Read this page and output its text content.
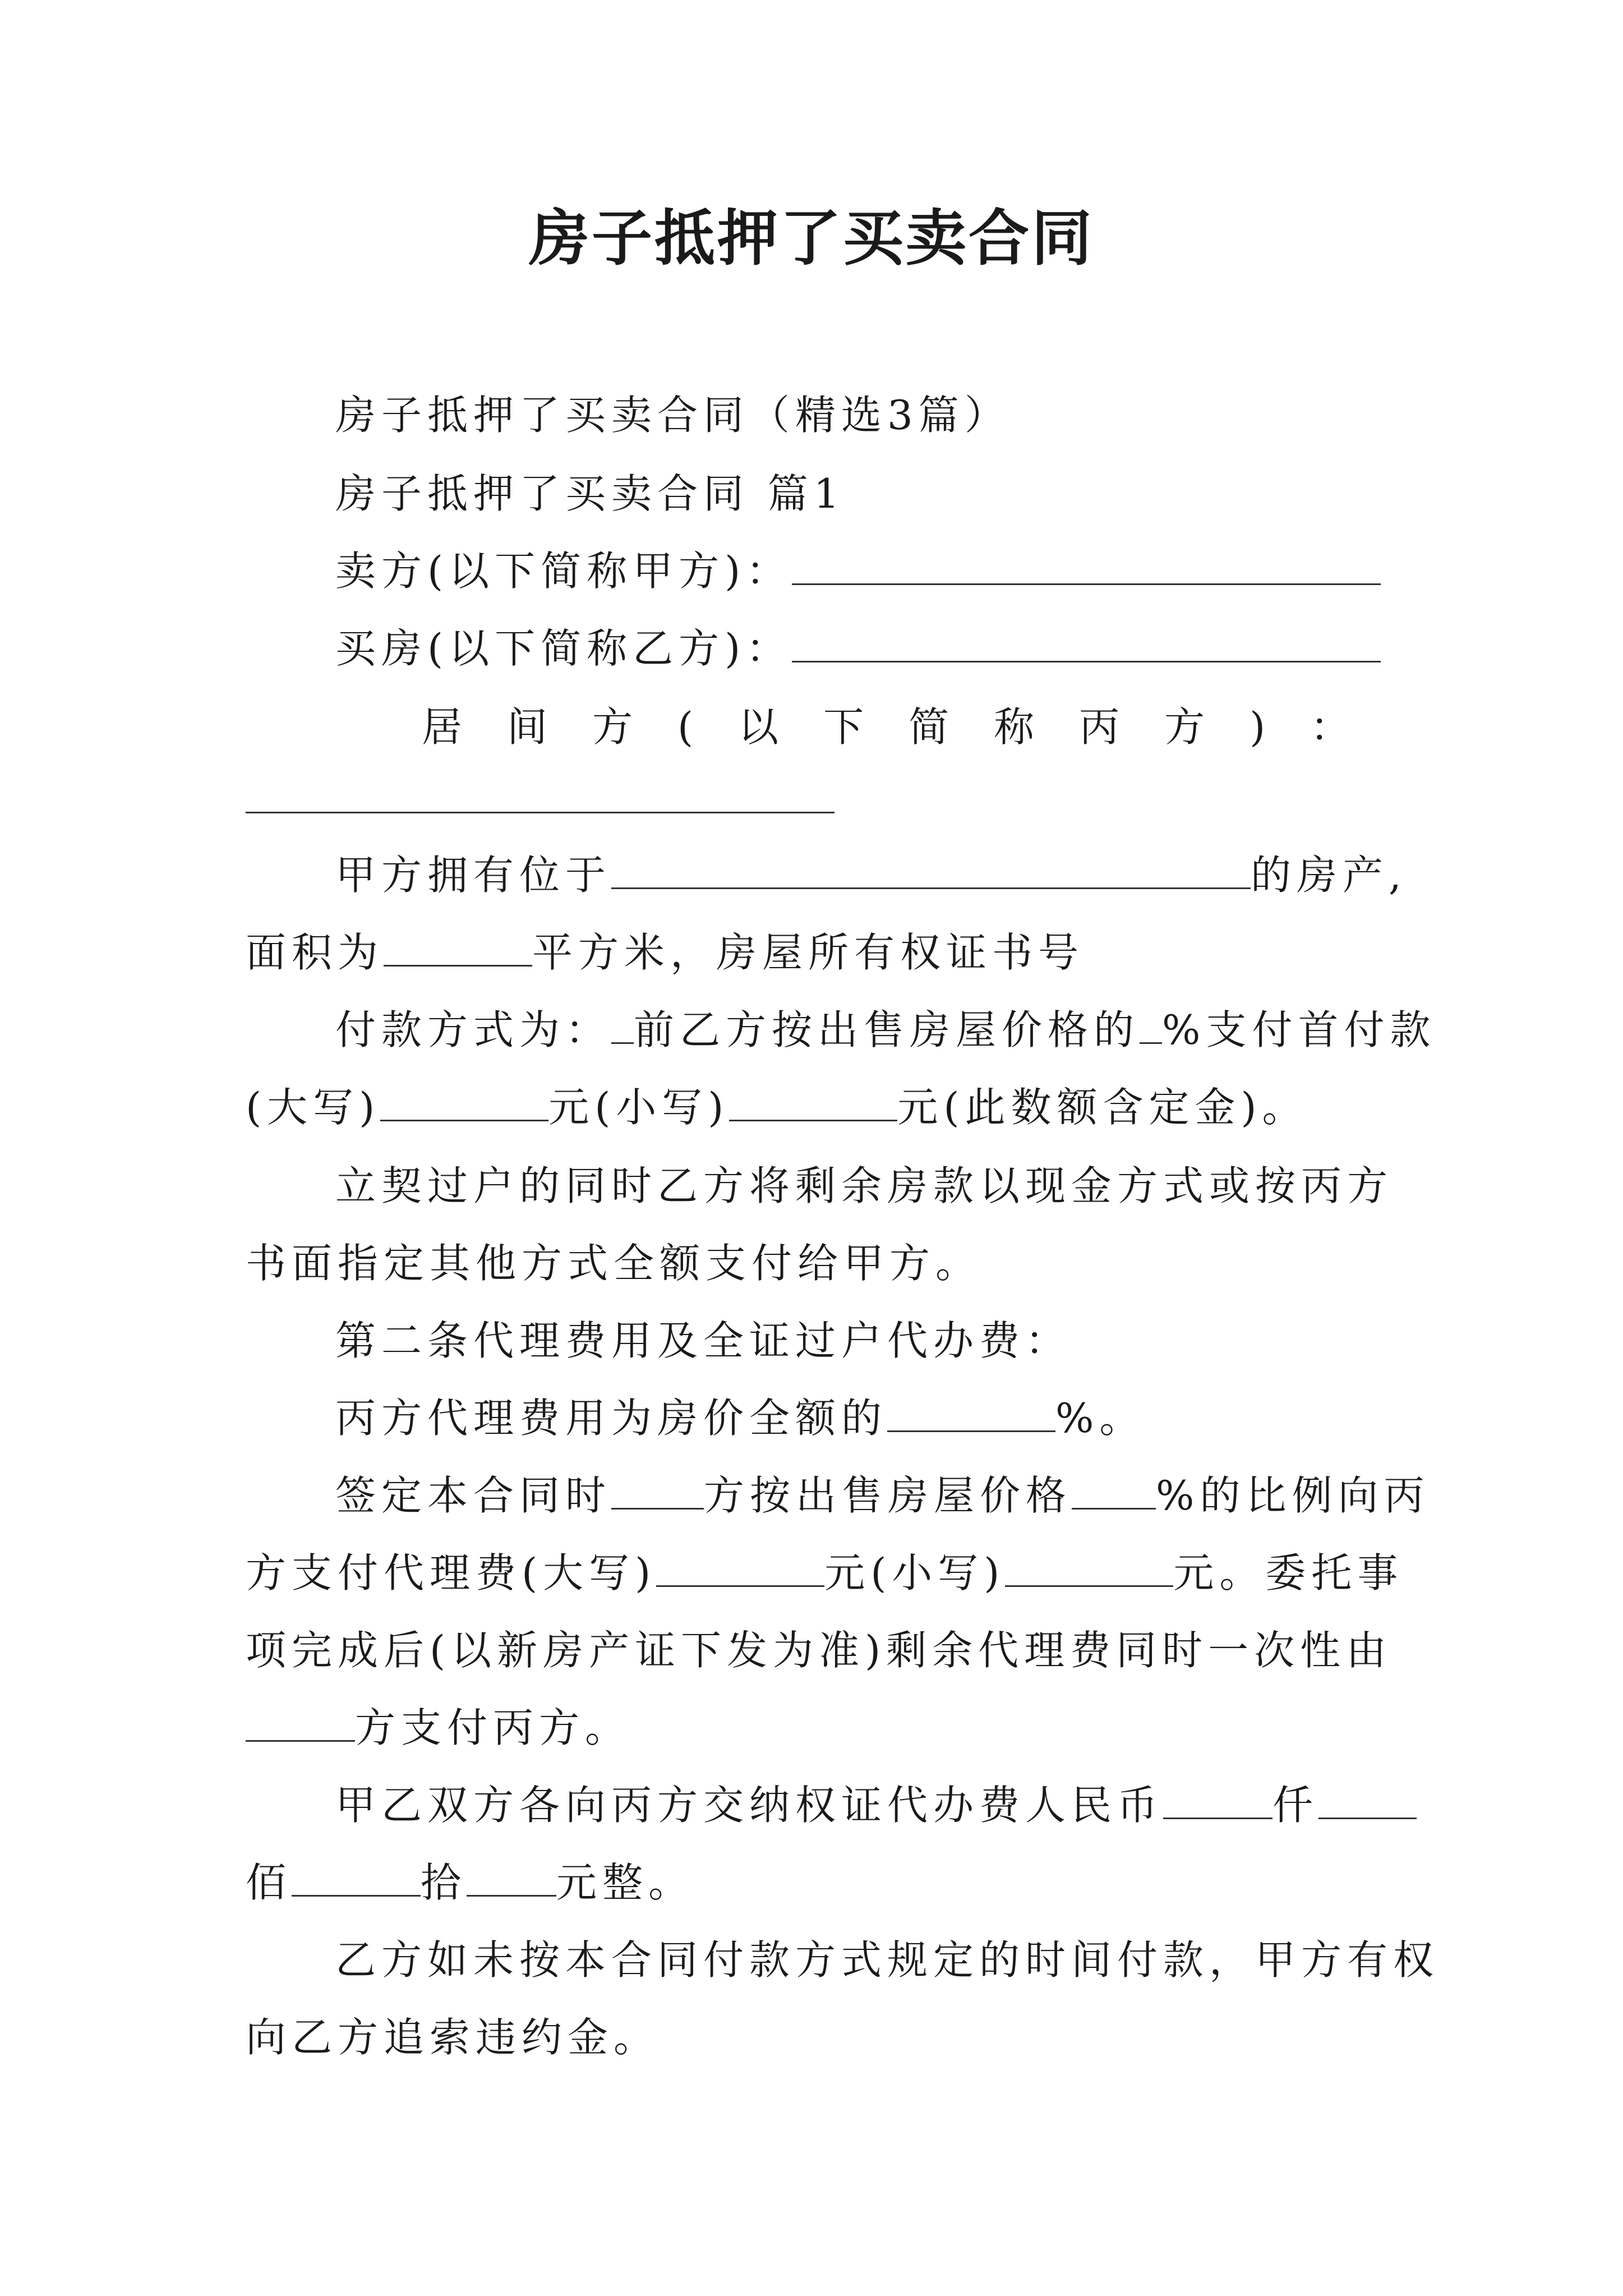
房子抵押了买卖合同
房子抵押了买卖合同（精选3篇）
房子抵押了买卖合同 篇1
卖方(以下简称甲方)：
买房(以下简称乙方)：
居间方(以下简称丙方)：
甲方拥有位于	的房产,
面积为	平方米，房屋所有权证书号
付款方式为： 前乙方按出售房屋价格的 %支付首付款
(大写)	元(小写)	元(此数额含定金)。
立契过户的同时乙方将剩余房款以现金方式或按丙方
书面指定其他方式全额支付给甲方。
第二条代理费用及全证过户代办费：
丙方代理费用为房价全额的	%。
签定本合同时 方按出售房屋价格 %的比例向丙
方支付代理费(大写)	元(小写)	元。委托事
项完成后(以新房产证下发为准)剩余代理费同时一次性由
方支付丙方。
甲乙双方各向丙方交纳权证代办费人民币	仟
佰	拾 元整。
乙方如未按本合同付款方式规定的时间付款，甲方有权
向乙方追索违约金。
